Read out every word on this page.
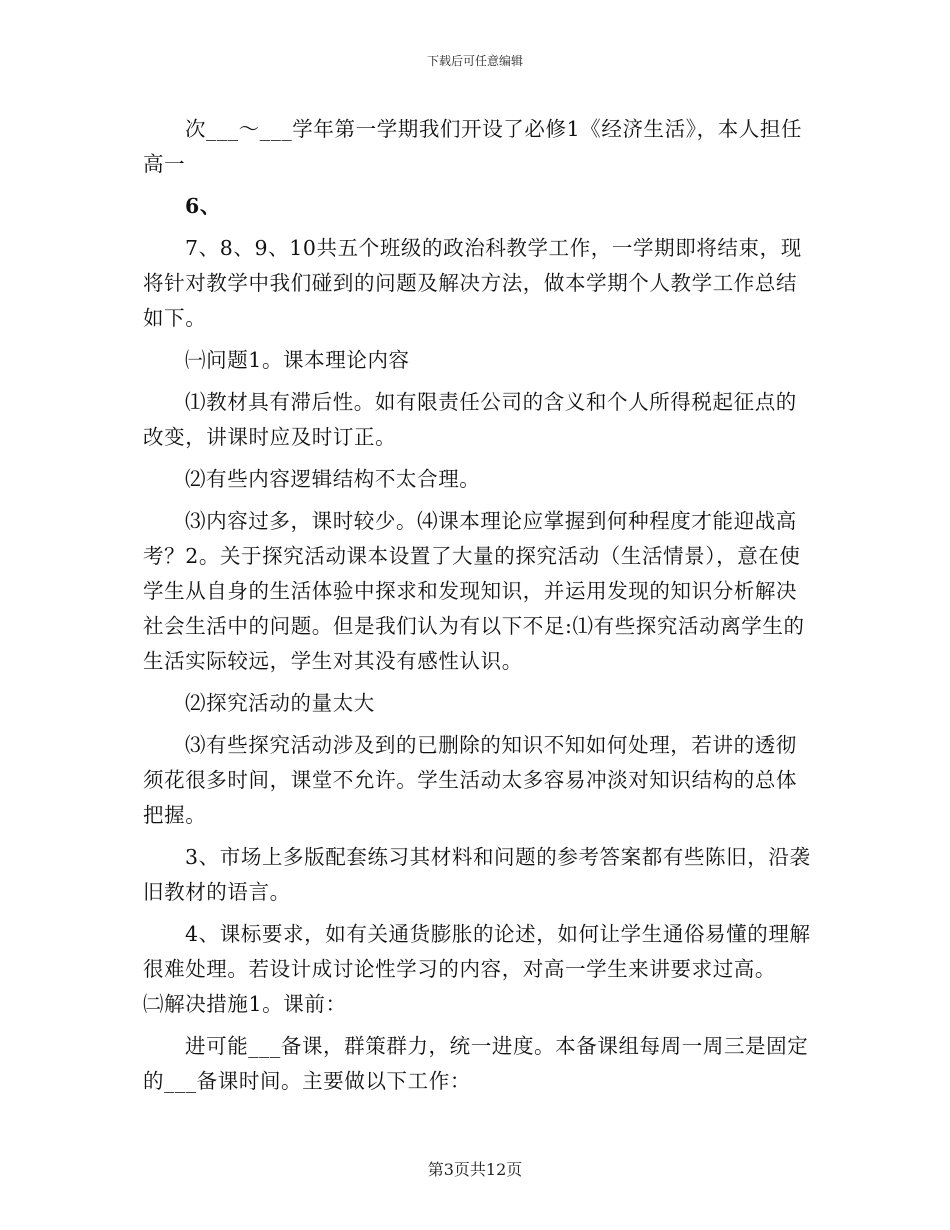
下载后可任意编辑

次___～___学年第一学期我们开设了必修1《经济生活》，本人担任高一

6、

7、8、9、10共五个班级的政治科教学工作，一学期即将结束，现将针对教学中我们碰到的问题及解决方法，做本学期个人教学工作总结如下。

㈠问题1。课本理论内容

⑴教材具有滞后性。如有限责任公司的含义和个人所得税起征点的改变，讲课时应及时订正。

⑵有些内容逻辑结构不太合理。

⑶内容过多，课时较少。⑷课本理论应掌握到何种程度才能迎战高考？2。关于探究活动课本设置了大量的探究活动（生活情景），意在使学生从自身的生活体验中探求和发现知识，并运用发现的知识分析解决社会生活中的问题。但是我们认为有以下不足:⑴有些探究活动离学生的生活实际较远，学生对其没有感性认识。

⑵探究活动的量太大

⑶有些探究活动涉及到的已删除的知识不知如何处理，若讲的透彻须花很多时间，课堂不允许。学生活动太多容易冲淡对知识结构的总体把握。

3、市场上多版配套练习其材料和问题的参考答案都有些陈旧，沿袭旧教材的语言。

4、课标要求，如有关通货膨胀的论述，如何让学生通俗易懂的理解很难处理。若设计成讨论性学习的内容，对高一学生来讲要求过高。

㈡解决措施1。课前：

进可能___备课，群策群力，统一进度。本备课组每周一周三是固定的___备课时间。主要做以下工作：

第3页共12页
